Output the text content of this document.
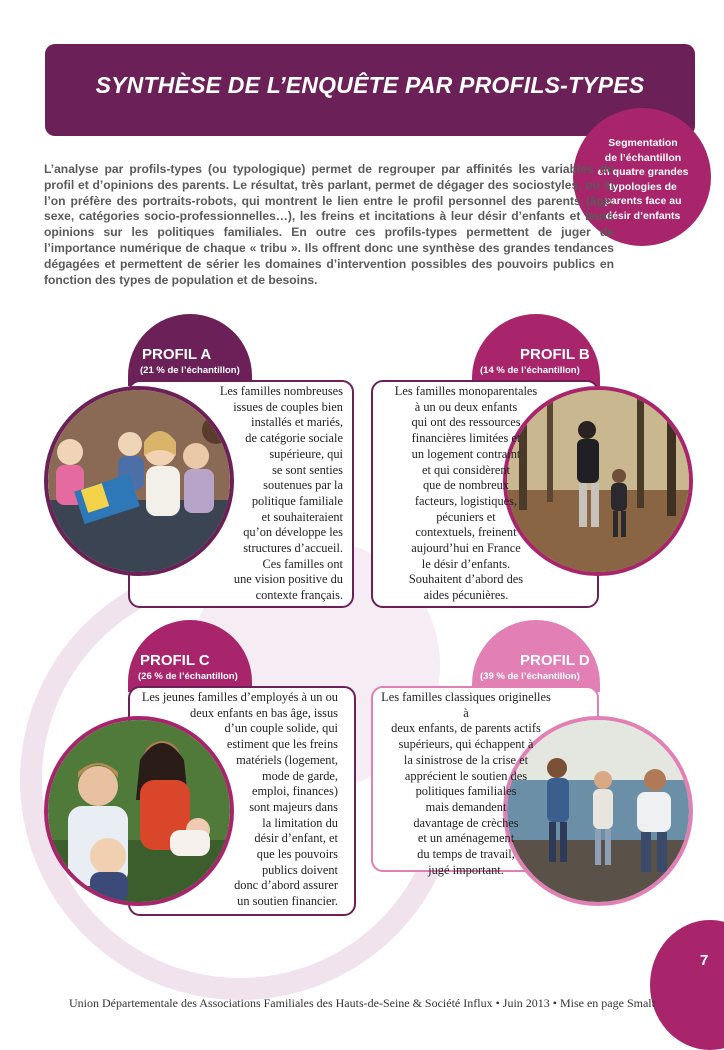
SYNTHÈSE DE L’ENQUÊTE PAR PROFILS-TYPES
Segmentation
de l’échantillon
en quatre grandes
typologies de
parents face au
désir d’enfants
L’analyse par profils-types (ou typologique) permet de regrouper par affinités les variables de profil et d’opinions des parents. Le résultat, très parlant, permet de dégager des sociostyles, ou si l’on préfère des portraits-robots, qui montrent le lien entre le profil personnel des parents (âge, sexe, catégories socio-professionnelles…), les freins et incitations à leur désir d’enfants et leurs opinions sur les politiques familiales. En outre ces profils-types permettent de juger de l’importance numérique de chaque « tribu ». Ils offrent donc une synthèse des grandes tendances dégagées et permettent de sérier les domaines d’intervention possibles des pouvoirs publics en fonction des types de population et de besoins.
PROFIL A
(21 % de l’échantillon)
Les familles nombreuses
issues de couples bien
installés et mariés,
de catégorie sociale
supérieure, qui
se sont senties
soutenues par la
politique familiale
et souhaiteraient
qu’on développe les
structures d’accueil.
Ces familles ont
une vision positive du
contexte français.
PROFIL B
(14 % de l’échantillon)
Les familles monoparentales
à un ou deux enfants
qui ont des ressources
financières limitées et
un logement contraint
et qui considèrent
que de nombreux
facteurs, logistiques,
pécuniers et
contextuels, freinent
aujourd’hui en France
le désir d’enfants.
Souhaitent d’abord des
aides pécunières.
PROFIL C
(26 % de l’échantillon)
Les jeunes familles d’employés à un ou
deux enfants en bas âge, issus
d’un couple solide, qui
estiment que les freins
matériels (logement,
mode de garde,
emploi, finances)
sont majeurs dans
la limitation du
désir d’enfant, et
que les pouvoirs
publics doivent
donc d’abord assurer
un soutien financier.
PROFIL D
(39 % de l’échantillon)
Les familles classiques originelles à
deux enfants, de parents actifs
supérieurs, qui échappent à
la sinistrose de la crise et
apprécient le soutien des
politiques familiales
mais demandent
davantage de crèches
et un aménagement
du temps de travail,
jugé important.
7
Union Départementale des Associations Familiales des Hauts-de-Seine & Société Influx • Juin 2013 • Mise en page Smalt
